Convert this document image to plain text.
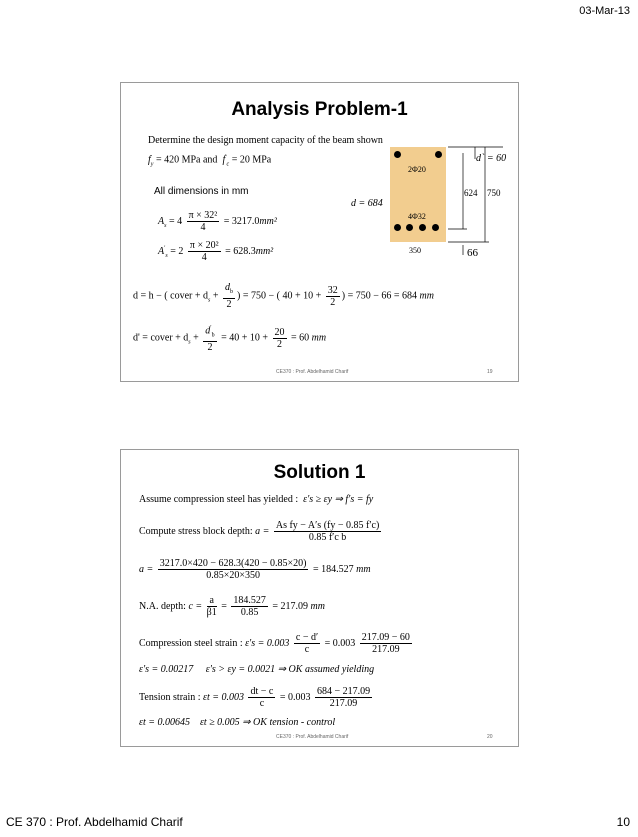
03-Mar-13
Analysis Problem-1
Determine the design moment capacity of the beam shown
$f_y = 420$ MPa and $f'_c = 20$ MPa
All dimensions in mm
$A_s = 4 \frac{\text{π × 32²}}{4} = 3217.0mm^2$
$A'_s = 2 \frac{\text{π × 20²}}{4} = 628.3mm^2$
d = h − ( cover + $d_s + \frac{d_b}{2}$ ) = 750 − ( $40 + 10 + \frac{32}{2}$ ) = 750 − 66 = 684 mm
d' = cover + $d_s + \frac{d'_b}{2} = 40 + 10 + \frac{20}{2} = 60$ mm
2Φ20
4Φ32
350
d = 684
d` = 60
624 750
66
CE370 : Prof. Abdelhamid Charif	19
Solution 1
Assume compression steel has yielded : ε′s ≥ εy ⇒ f′s = fy
Compute stress block depth: $a = \frac{\text{As fy − A′s (fy − 0.85 f′c)}}{\text{0.85 f′c b}}$
$a = \frac{3217.0\times 420 - 628.3(420 - 0.85\times 20)}{0.85\times 20\times 350} = 184.527$ mm
N.A. depth: $c = \frac{a}{\beta 1} = \frac{184.527}{0.85} = 217.09$ mm
Compression steel strain : $\varepsilon's = 0.003 \frac{c - d'}{c} = 0.003 \frac{217.09 - 60}{217.09}$
ε′s = 0.00217 ε′s > εy = 0.0021 ⇒ OK assumed yielding
Tension strain : $\varepsilon t = 0.003 \frac{dt - c}{c} = 0.003 \frac{684 - 217.09}{217.09}$
εt = 0.00645 εt ≥ 0.005 ⇒ OK tension - control
CE370 : Prof. Abdelhamid Charif	20
CE 370 : Prof. Abdelhamid Charif	10
